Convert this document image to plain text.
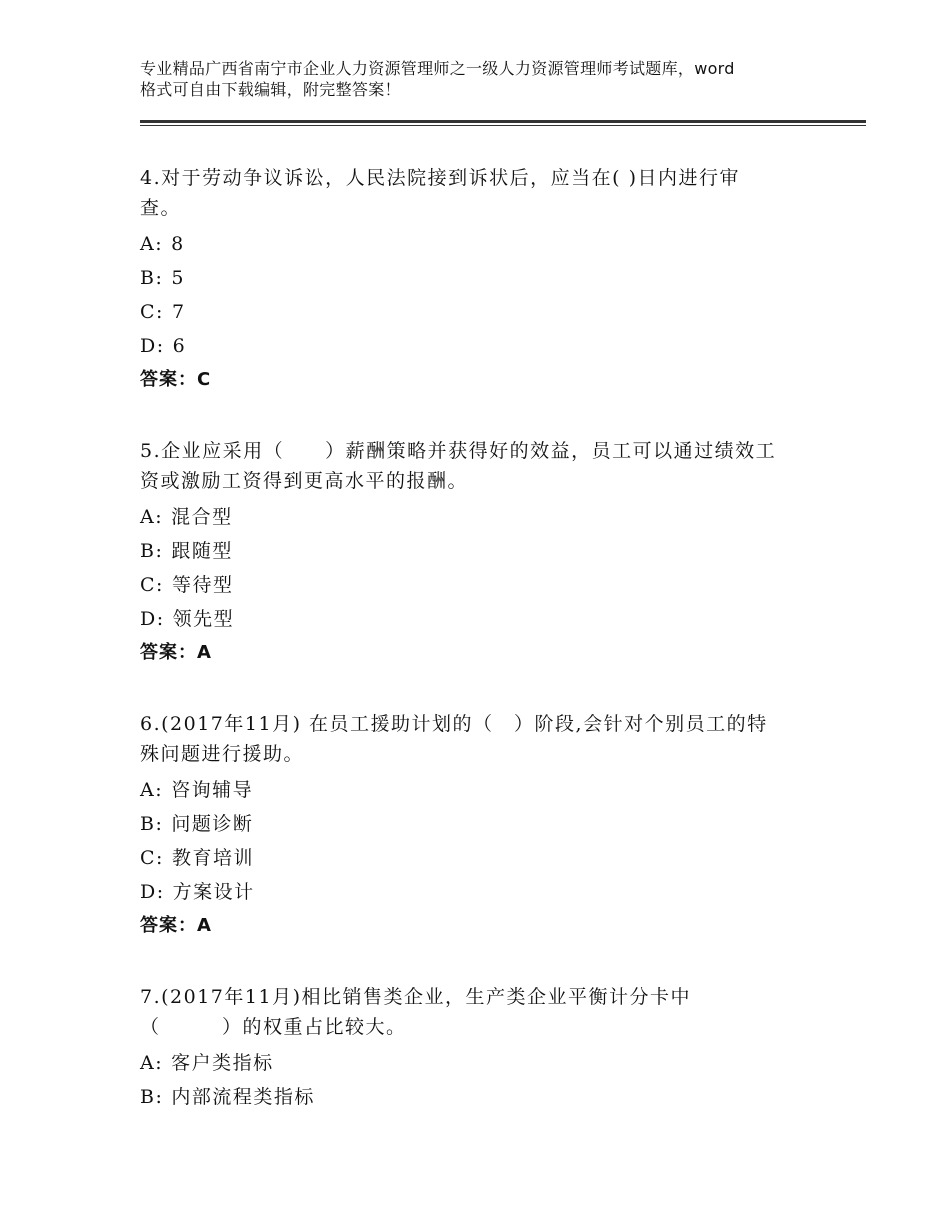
专业精品广西省南宁市企业人力资源管理师之一级人力资源管理师考试题库，word
格式可自由下载编辑，附完整答案！
4.对于劳动争议诉讼，人民法院接到诉状后，应当在( )日内进行审
查。
A: 8
B: 5
C: 7
D: 6
答案：C
5.企业应采用（　　）薪酬策略并获得好的效益，员工可以通过绩效工
资或激励工资得到更高水平的报酬。
A: 混合型
B: 跟随型
C: 等待型
D: 领先型
答案：A
6.(2017年11月) 在员工援助计划的（　）阶段,会针对个别员工的特
殊问题进行援助。
A: 咨询辅导
B: 问题诊断
C: 教育培训
D: 方案设计
答案：A
7.(2017年11月)相比销售类企业，生产类企业平衡计分卡中
（　　　）的权重占比较大。
A: 客户类指标
B: 内部流程类指标
